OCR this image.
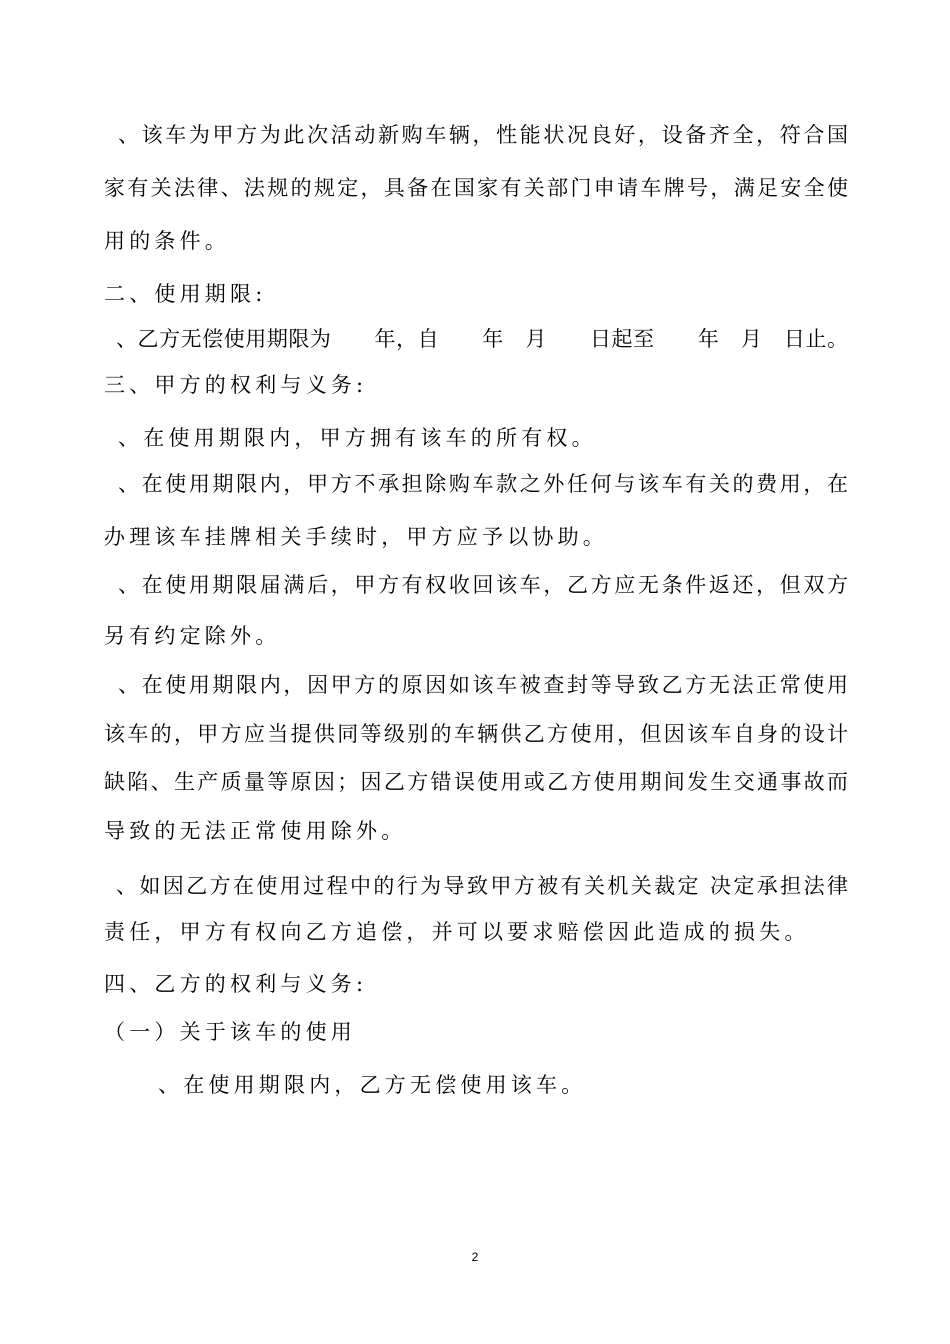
、该车为甲方为此次活动新购车辆，性能状况良好，设备齐全，符合国
家有关法律、法规的规定，具备在国家有关部门申请车牌号，满足安全使
用的条件。
二、使用期限:
、乙方无偿使用期限为　　年，自　　年　月　　日起至　　年　月　日止。
三、甲方的权利与义务:
、在使用期限内，甲方拥有该车的所有权。
、在使用期限内，甲方不承担除购车款之外任何与该车有关的费用，在
办理该车挂牌相关手续时，甲方应予以协助。
、在使用期限届满后，甲方有权收回该车，乙方应无条件返还，但双方
另有约定除外。
、在使用期限内，因甲方的原因如该车被查封等导致乙方无法正常使用
该车的，甲方应当提供同等级别的车辆供乙方使用，但因该车自身的设计
缺陷、生产质量等原因；因乙方错误使用或乙方使用期间发生交通事故而
导致的无法正常使用除外。
、如因乙方在使用过程中的行为导致甲方被有关机关裁定 决定承担法律
责任，甲方有权向乙方追偿，并可以要求赔偿因此造成的损失。
四、乙方的权利与义务:
（一）关于该车的使用
、在使用期限内，乙方无偿使用该车。
2
